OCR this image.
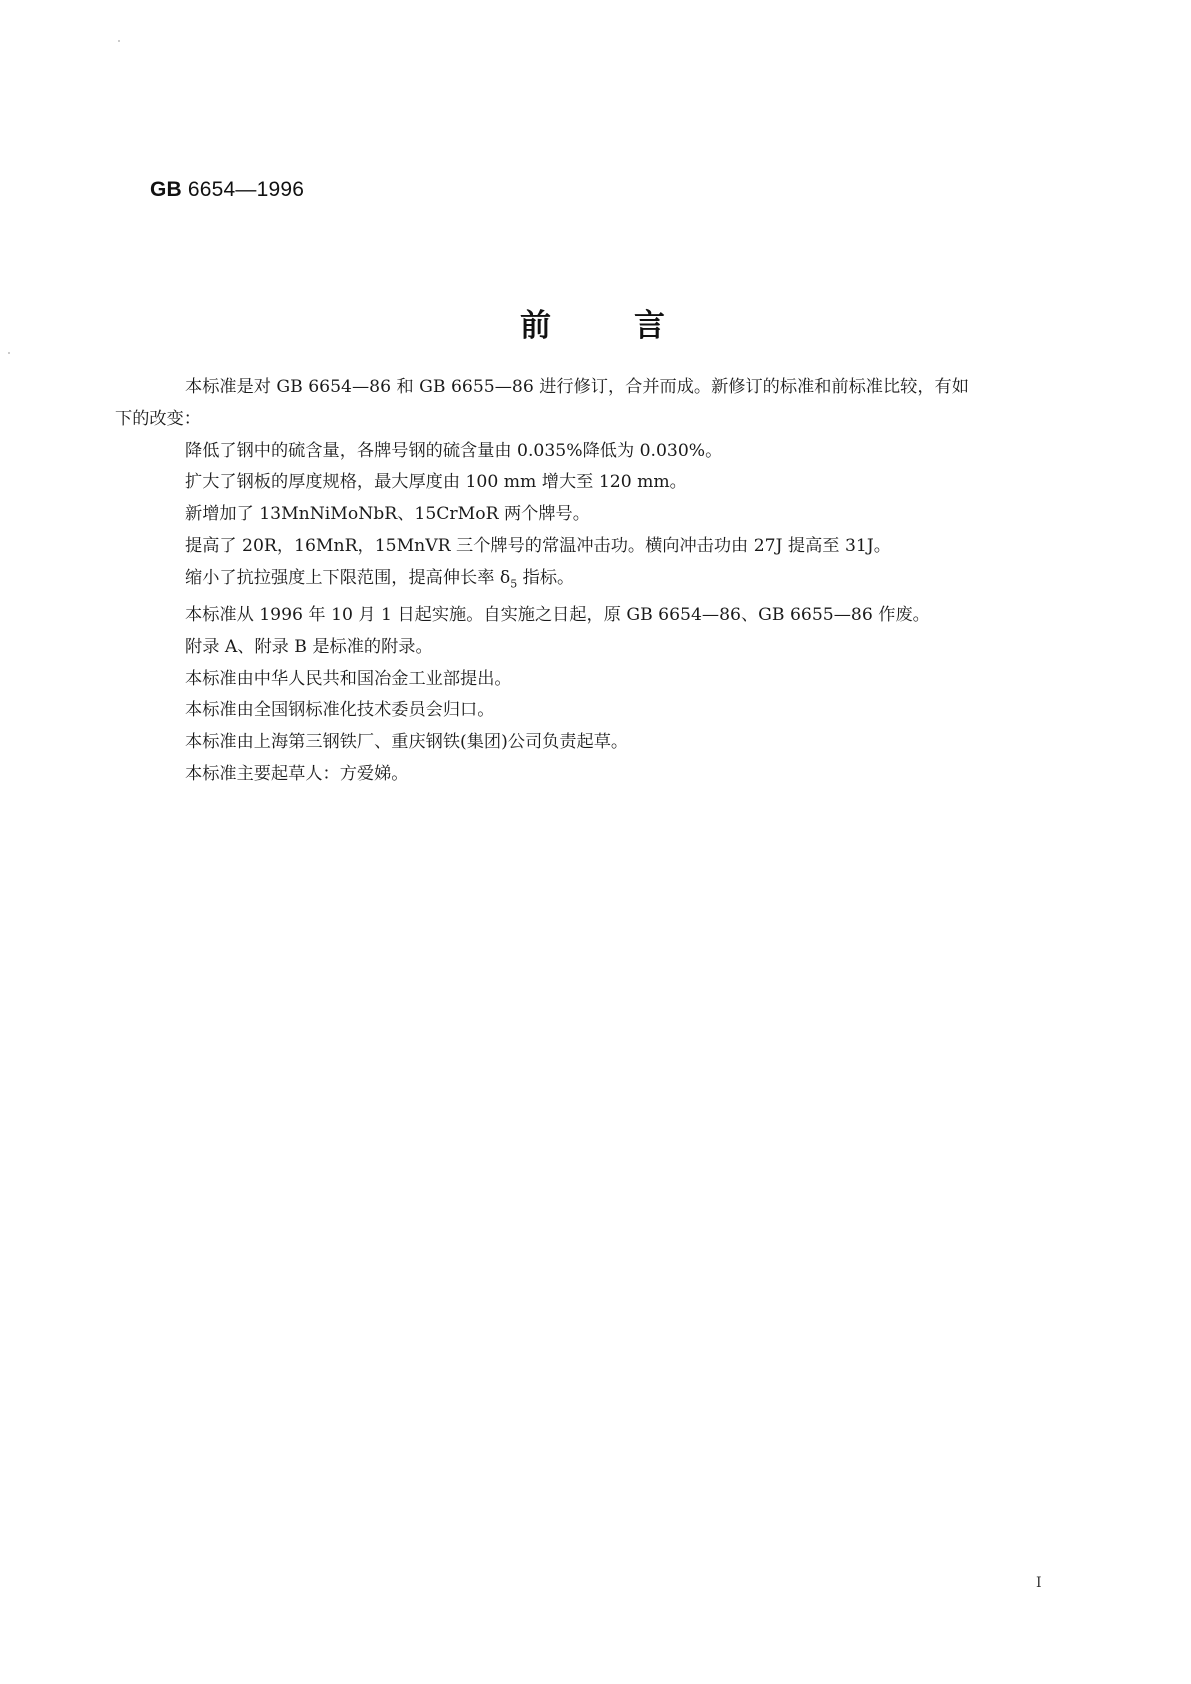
GB 6654—1996
前	言

本标准是对 GB 6654—86 和 GB 6655—86 进行修订，合并而成。新修订的标准和前标准比较，有如
下的改变：

降低了钢中的硫含量，各牌号钢的硫含量由 0.035%降低为 0.030%。

扩大了钢板的厚度规格，最大厚度由 100 mm 增大至 120 mm。

新增加了 13MnNiMoNbR、15CrMoR 两个牌号。

提高了 20R，16MnR，15MnVR 三个牌号的常温冲击功。横向冲击功由 27J 提高至 31J。

缩小了抗拉强度上下限范围，提高伸长率 $\delta_5$ 指标。

本标准从 1996 年 10 月 1 日起实施。自实施之日起，原 GB 6654—86、GB 6655—86 作废。

附录 A、附录 B 是标准的附录。

本标准由中华人民共和国冶金工业部提出。

本标准由全国钢标准化技术委员会归口。

本标准由上海第三钢铁厂、重庆钢铁(集团)公司负责起草。

本标准主要起草人：方爱娣。

I
